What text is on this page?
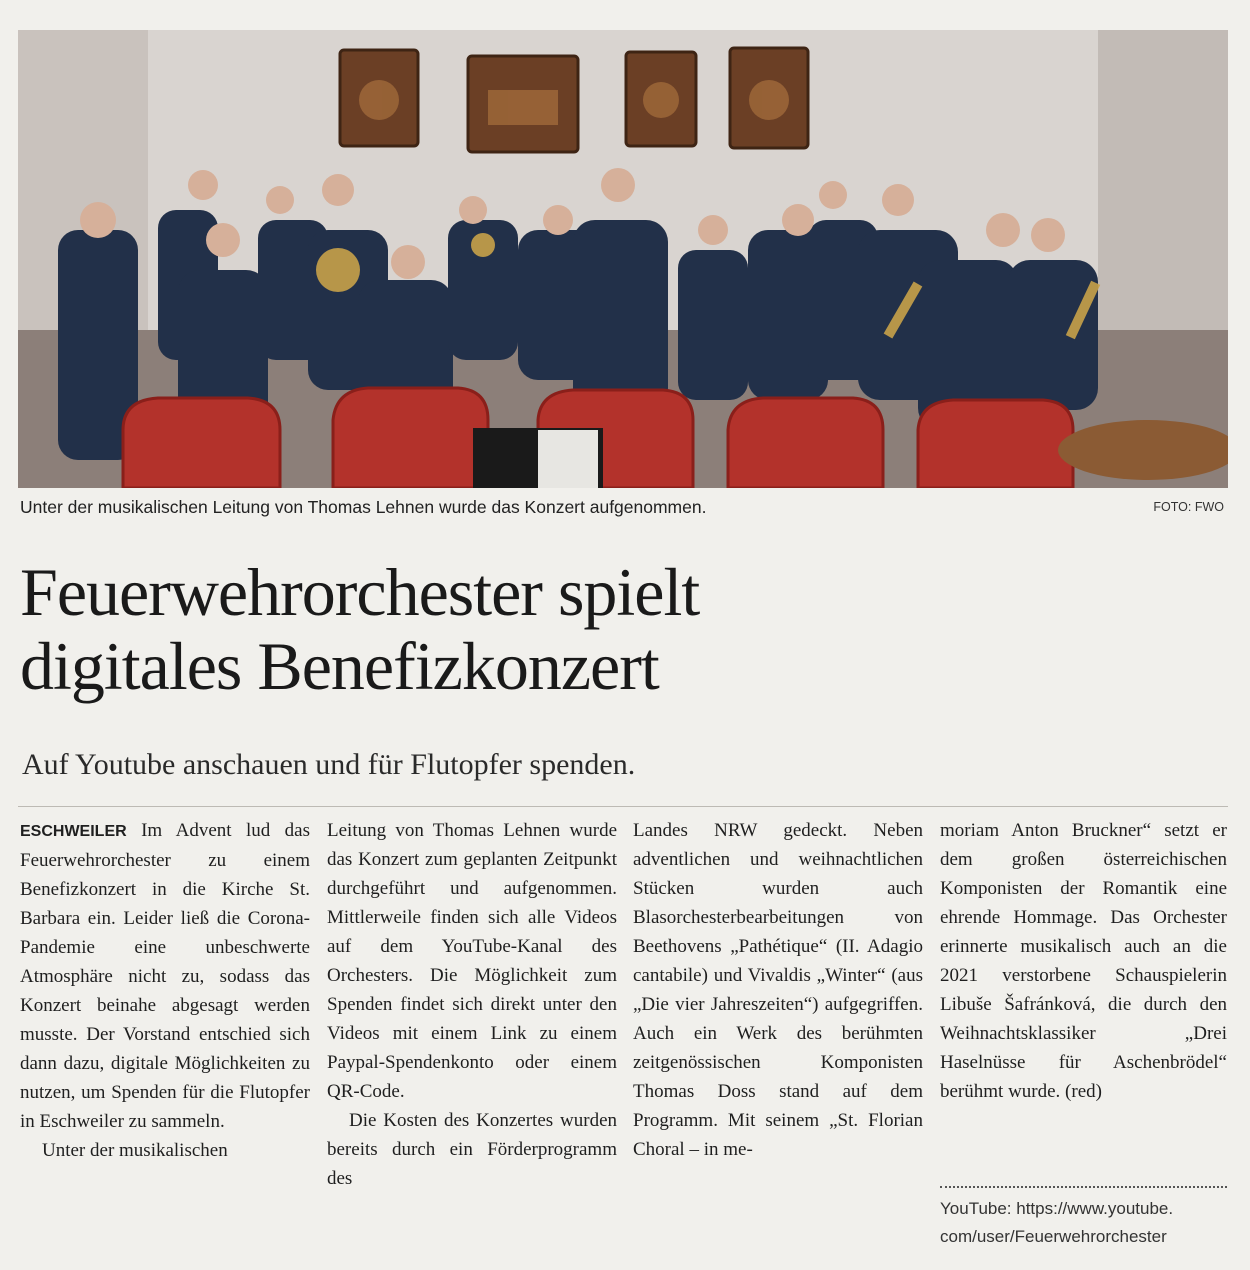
Unter der musikalischen Leitung von Thomas Lehnen wurde das Konzert aufgenommen.	FOTO: FWO
Feuerwehrorchester spielt
digitales Benefizkonzert

Auf Youtube anschauen und für Flutopfer spenden.

ESCHWEILER Im Advent lud das Feuerwehrorchester zu einem Benefizkonzert in die Kirche St. Barbara ein. Leider ließ die Corona-Pandemie eine unbeschwerte Atmosphäre nicht zu, sodass das Konzert beinahe abgesagt werden musste. Der Vorstand entschied sich dann dazu, digitale Möglichkeiten zu nutzen, um Spenden für die Flutopfer in Eschweiler zu sammeln.

Unter der musikalischen

Leitung von Thomas Lehnen wurde das Konzert zum geplanten Zeitpunkt durchgeführt und aufgenommen. Mittlerweile finden sich alle Videos auf dem YouTube-Kanal des Orchesters. Die Möglichkeit zum Spenden findet sich direkt unter den Videos mit einem Link zu einem Paypal-Spendenkonto oder einem QR-Code.

Die Kosten des Konzertes wurden bereits durch ein Förderprogramm des

Landes NRW gedeckt. Neben adventlichen und weihnachtlichen Stücken wurden auch Blasorchesterbearbeitungen von Beethovens „Pathétique“ (II. Adagio cantabile) und Vivaldis „Winter“ (aus „Die vier Jahreszeiten“) aufgegriffen. Auch ein Werk des berühmten zeitgenössischen Komponisten Thomas Doss stand auf dem Programm. Mit seinem „St. Florian Choral – in me-

moriam Anton Bruckner“ setzt er dem großen österreichischen Komponisten der Romantik eine ehrende Hommage. Das Orchester erinnerte musikalisch auch an die 2021 verstorbene Schauspielerin Libuše Šafránková, die durch den Weihnachtsklassiker „Drei Haselnüsse für Aschenbrödel“ berühmt wurde. (red)

YouTube: https://www.youtube.
com/user/Feuerwehrorchester
